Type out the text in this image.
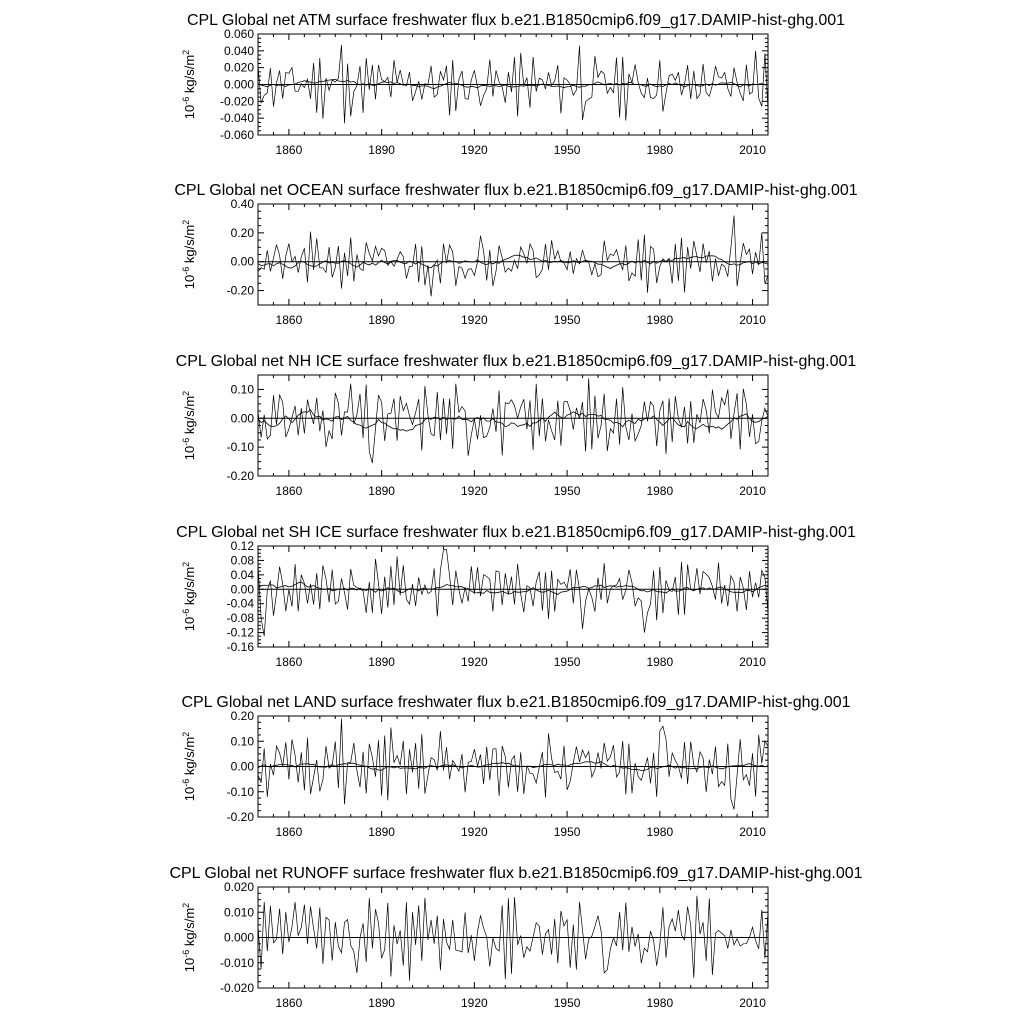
CPL Global net ATM surface freshwater flux b.e21.B1850cmip6.f09_g17.DAMIP-hist-ghg.001
0.060
0.040
0.020
0.000
-0.020
-0.040
-0.060
1860	1890	1920	1950	1980	2010
$10^{-6}$ $kg/s/m^2$
CPL Global net OCEAN surface freshwater flux b.e21.B1850cmip6.f09_g17.DAMIP-hist-ghg.001
0.40
0.20
0.00
-0.20
1860	1890	1920	1950	1980	2010
$10^{-6}$ $kg/s/m^2$
CPL Global net NH ICE surface freshwater flux b.e21.B1850cmip6.f09_g17.DAMIP-hist-ghg.001
0.10
0.00
-0.10
-0.20
1860	1890	1920	1950	1980	2010
$10^{-6}$ $kg/s/m^2$
CPL Global net SH ICE surface freshwater flux b.e21.B1850cmip6.f09_g17.DAMIP-hist-ghg.001
0.12
0.08
0.04
0.00
-0.04
-0.08
-0.12
-0.16
1860	1890	1920	1950	1980	2010
$10^{-6}$ $kg/s/m^2$
CPL Global net LAND surface freshwater flux b.e21.B1850cmip6.f09_g17.DAMIP-hist-ghg.001
0.20
0.10
0.00
-0.10
-0.20
1860	1890	1920	1950	1980	2010
$10^{-6}$ $kg/s/m^2$
CPL Global net RUNOFF surface freshwater flux b.e21.B1850cmip6.f09_g17.DAMIP-hist-ghg.001
0.020
0.010
0.000
-0.010
-0.020
1860	1890	1920	1950	1980	2010
$10^{-6}$ $kg/s/m^2$
